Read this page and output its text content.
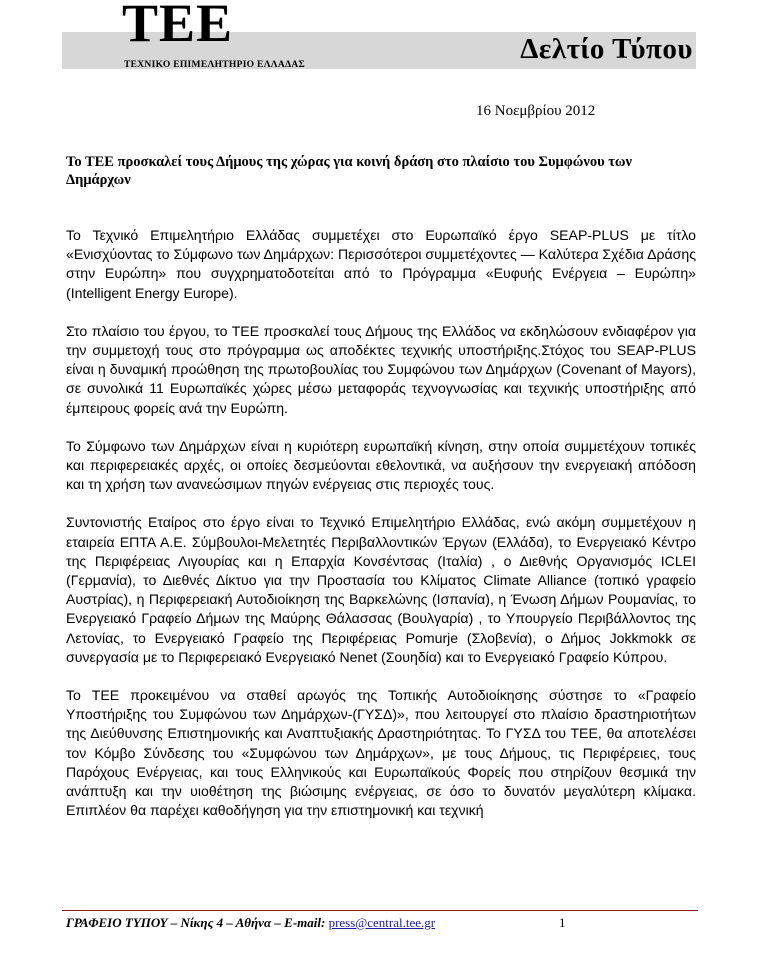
TEE
ΤΕΧΝΙΚΟ ΕΠΙΜΕΛΗΤΗΡΙΟ ΕΛΛΑΔΑΣ	Δελτίο Τύπου
16 Νοεμβρίου 2012
Το ΤΕΕ προσκαλεί τους Δήμους της χώρας για κοινή δράση στο πλαίσιο του Συμφώνου των Δημάρχων

Το Τεχνικό Επιμελητήριο Ελλάδας συμμετέχει στο Ευρωπαϊκό έργο SEAP-PLUS με τίτλο «Ενισχύοντας το Σύμφωνο των Δημάρχων: Περισσότεροι συμμετέχοντες — Καλύτερα Σχέδια Δράσης στην Ευρώπη» που συγχρηματοδοτείται από το Πρόγραμμα «Ευφυής Ενέργεια – Ευρώπη» (Intelligent Energy Europe).

Στο πλαίσιο του έργου, το ΤΕΕ προσκαλεί τους Δήμους της Ελλάδος να εκδηλώσουν ενδιαφέρον για την συμμετοχή τους στο πρόγραμμα ως αποδέκτες τεχνικής υποστήριξης.Στόχος του SEAP-PLUS είναι η δυναμική προώθηση της πρωτοβουλίας του Συμφώνου των Δημάρχων (Covenant of Mayors), σε συνολικά 11 Ευρωπαϊκές χώρες μέσω μεταφοράς τεχνογνωσίας και τεχνικής υποστήριξης από έμπειρους φορείς ανά την Ευρώπη.

Το Σύμφωνο των Δημάρχων είναι η κυριότερη ευρωπαϊκή κίνηση, στην οποία συμμετέχουν τοπικές και περιφερειακές αρχές, οι οποίες δεσμεύονται εθελοντικά, να αυξήσουν την ενεργειακή απόδοση και τη χρήση των ανανεώσιμων πηγών ενέργειας στις περιοχές τους.

Συντονιστής Εταίρος στο έργο είναι το Τεχνικό Επιμελητήριο Ελλάδας, ενώ ακόμη συμμετέχουν η εταιρεία ΕΠΤΑ Α.Ε. Σύμβουλοι-Μελετητές Περιβαλλοντικών Έργων (Ελλάδα), το Ενεργειακό Κέντρο της Περιφέρειας Λιγουρίας και η Επαρχία Κονσέντσας (Ιταλία) , ο Διεθνής Οργανισμός ICLEI (Γερμανία), το Διεθνές Δίκτυο για την Προστασία του Κλίματος Climate Alliance (τοπικό γραφείο Αυστρίας), η Περιφερειακή Αυτοδιοίκηση της Βαρκελώνης (Ισπανία), η Ένωση Δήμων Ρουμανίας, το Ενεργειακό Γραφείο Δήμων της Μαύρης Θάλασσας (Βουλγαρία) , το Υπουργείο Περιβάλλοντος της Λετονίας, το Ενεργειακό Γραφείο της Περιφέρειας Pomurje (Σλοβενία), ο Δήμος Jokkmokk σε συνεργασία με το Περιφερειακό Ενεργειακό Nenet (Σουηδία) και το Ενεργειακό Γραφείο Κύπρου.

Το ΤΕΕ προκειμένου να σταθεί αρωγός της Τοπικής Αυτοδιοίκησης σύστησε το «Γραφείο Υποστήριξης του Συμφώνου των Δημάρχων-(ΓΥΣΔ)», που λειτουργεί στο πλαίσιο δραστηριοτήτων της Διεύθυνσης Επιστημονικής και Αναπτυξιακής Δραστηριότητας. Το ΓΥΣΔ του ΤΕΕ, θα αποτελέσει τον Κόμβο Σύνδεσης του «Συμφώνου των Δημάρχων», με τους Δήμους, τις Περιφέρειες, τους Παρόχους Ενέργειας, και τους Ελληνικούς και Ευρωπαϊκούς Φορείς που στηρίζουν θεσμικά την ανάπτυξη και την υιοθέτηση της βιώσιμης ενέργειας, σε όσο το δυνατόν μεγαλύτερη κλίμακα. Επιπλέον θα παρέχει καθοδήγηση για την επιστημονική και τεχνική

ΓΡΑΦΕΙΟ ΤΥΠΟΥ – Νίκης 4 – Αθήνα – E-mail: press@central.tee.gr	1
